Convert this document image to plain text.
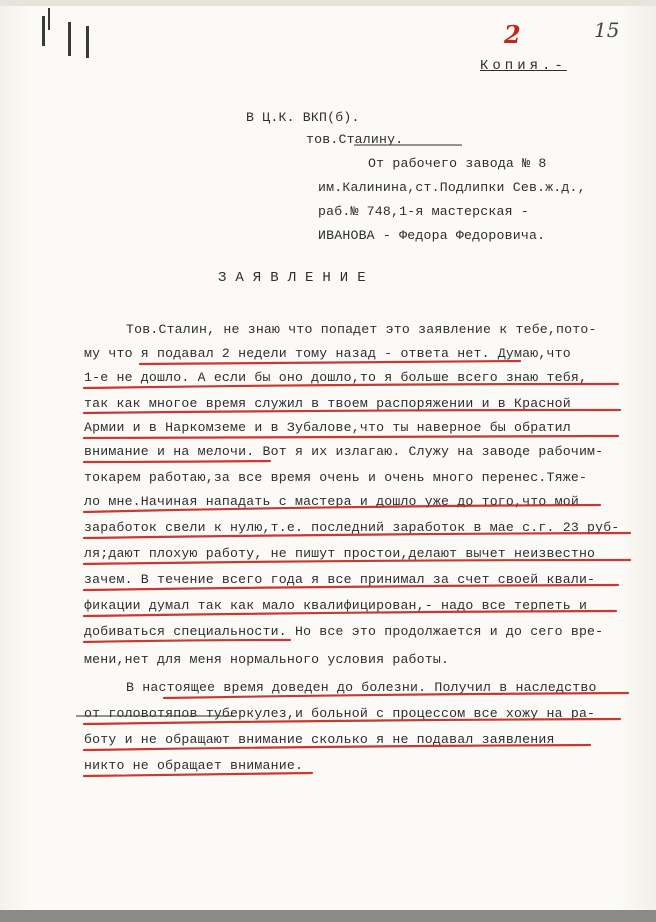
2	15
Копия.-
В Ц.К. ВКП(б).
тов.Сталину.
От рабочего завода № 8
им.Калинина,ст.Подлипки Сев.ж.д.,
раб.№ 748,1-я мастерская -
ИВАНОВА - Федора Федоровича.
ЗАЯВЛЕНИЕ
Тов.Сталин, не знаю что попадет это заявление к тебе,пото-
му что я подавал 2 недели тому назад - ответа нет. Думаю,что
1-е не дошло. А если бы оно дошло,то я больше всего знаю тебя,
так как многое время служил в твоем распоряжении и в Красной
Армии и в Наркомземе и в Зубалове,что ты наверное бы обратил
внимание и на мелочи. Вот я их излагаю. Служу на заводе рабочим-
токарем работаю,за все время очень и очень много перенес.Тяже-
ло мне.Начиная нападать с мастера и дошло уже до того,что мой
заработок свели к нулю,т.е. последний заработок в мае с.г. 23 руб-
ля;дают плохую работу, не пишут простои,делают вычет неизвестно
зачем. В течение всего года я все принимал за счет своей квали-
фикации думал так как мало квалифицирован,- надо все терпеть и
добиваться специальности. Но все это продолжается и до сего вре-
мени,нет для меня нормального условия работы.
В настоящее время доведен до болезни. Получил в наследство
от головотяпов туберкулез,и больной с процессом все хожу на ра-
боту и не обращают внимание сколько я не подавал заявления
никто не обращает внимание.
